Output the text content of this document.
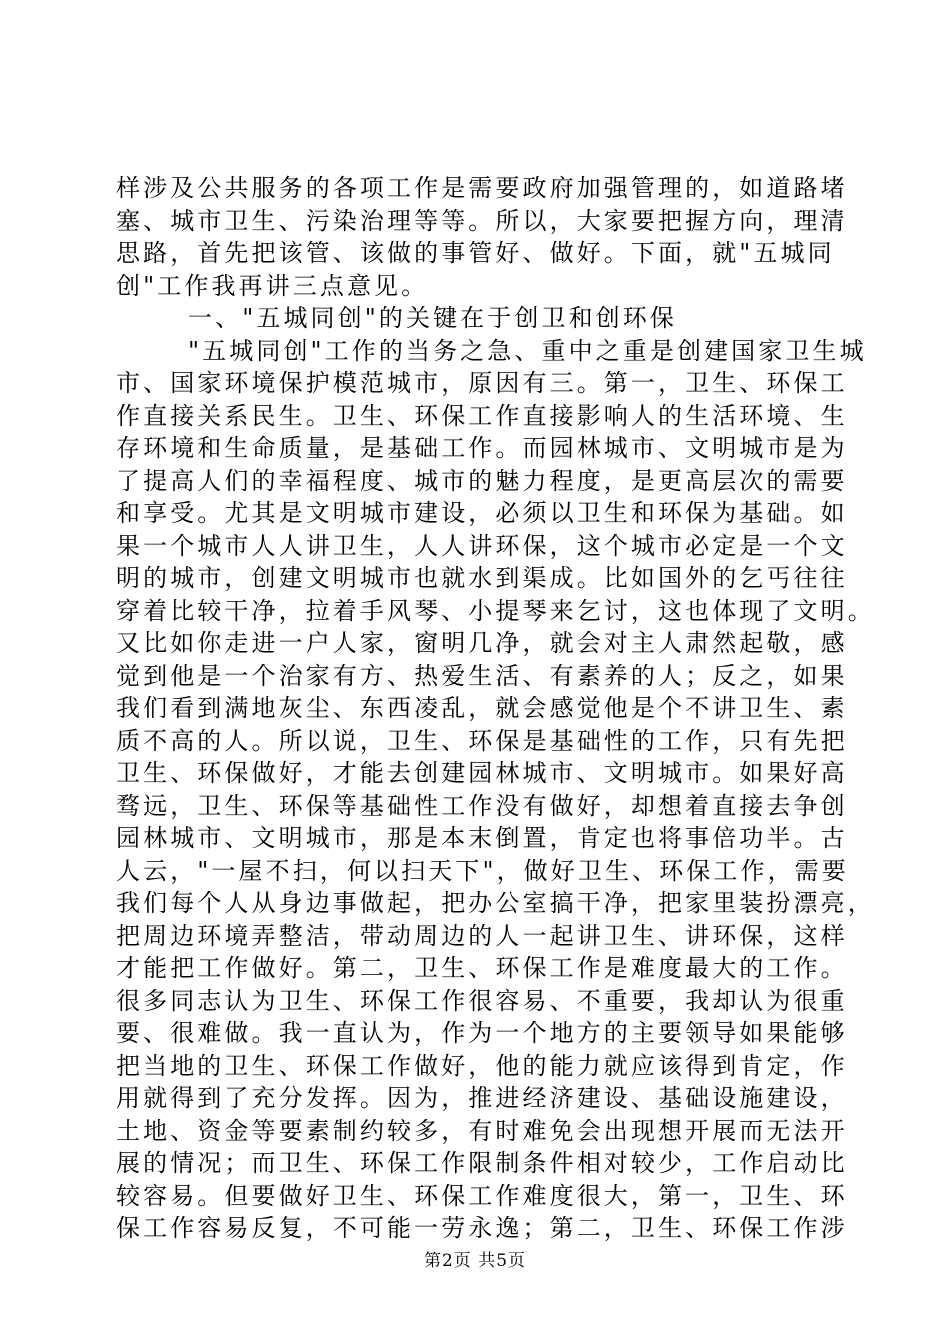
样涉及公共服务的各项工作是需要政府加强管理的，如道路堵
塞、城市卫生、污染治理等等。所以，大家要把握方向，理清
思路，首先把该管、该做的事管好、做好。下面，就"五城同
创"工作我再讲三点意见。
一、"五城同创"的关键在于创卫和创环保
"五城同创"工作的当务之急、重中之重是创建国家卫生城
市、国家环境保护模范城市，原因有三。第一，卫生、环保工
作直接关系民生。卫生、环保工作直接影响人的生活环境、生
存环境和生命质量，是基础工作。而园林城市、文明城市是为
了提高人们的幸福程度、城市的魅力程度，是更高层次的需要
和享受。尤其是文明城市建设，必须以卫生和环保为基础。如
果一个城市人人讲卫生，人人讲环保，这个城市必定是一个文
明的城市，创建文明城市也就水到渠成。比如国外的乞丐往往
穿着比较干净，拉着手风琴、小提琴来乞讨，这也体现了文明。
又比如你走进一户人家，窗明几净，就会对主人肃然起敬，感
觉到他是一个治家有方、热爱生活、有素养的人；反之，如果
我们看到满地灰尘、东西凌乱，就会感觉他是个不讲卫生、素
质不高的人。所以说，卫生、环保是基础性的工作，只有先把
卫生、环保做好，才能去创建园林城市、文明城市。如果好高
骛远，卫生、环保等基础性工作没有做好，却想着直接去争创
园林城市、文明城市，那是本末倒置，肯定也将事倍功半。古
人云，"一屋不扫，何以扫天下"，做好卫生、环保工作，需要
我们每个人从身边事做起，把办公室搞干净，把家里装扮漂亮，
把周边环境弄整洁，带动周边的人一起讲卫生、讲环保，这样
才能把工作做好。第二，卫生、环保工作是难度最大的工作。
很多同志认为卫生、环保工作很容易、不重要，我却认为很重
要、很难做。我一直认为，作为一个地方的主要领导如果能够
把当地的卫生、环保工作做好，他的能力就应该得到肯定，作
用就得到了充分发挥。因为，推进经济建设、基础设施建设，
土地、资金等要素制约较多，有时难免会出现想开展而无法开
展的情况；而卫生、环保工作限制条件相对较少，工作启动比
较容易。但要做好卫生、环保工作难度很大，第一，卫生、环
保工作容易反复，不可能一劳永逸；第二，卫生、环保工作涉
第2页 共5页
